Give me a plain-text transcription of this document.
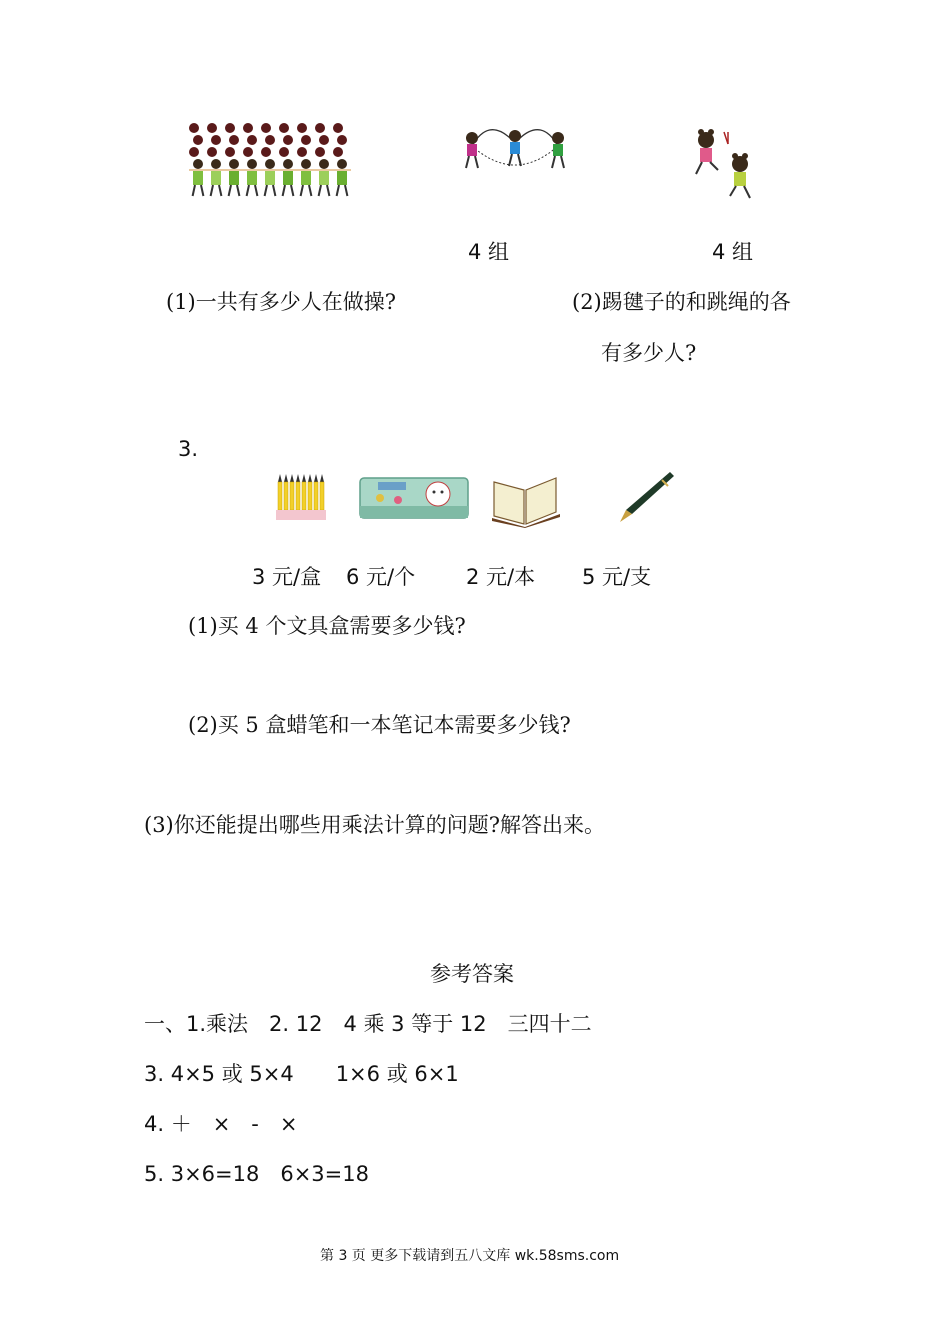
4 组	4 组
(1)一共有多少人在做操?	(2)踢毽子的和跳绳的各
有多少人?
3.
3 元/盒 6 元/个 2 元/本 5 元/支
(1)买 4 个文具盒需要多少钱?
(2)买 5 盒蜡笔和一本笔记本需要多少钱?
(3)你还能提出哪些用乘法计算的问题?解答出来。
参考答案
一、1.乘法　2. 12　4 乘 3 等于 12　三四十二
3. 4×5 或 5×4　　1×6 或 6×1
4. ＋　×　-　×
5. 3×6=18　6×3=18
第 3 页 更多下载请到五八文库 wk.58sms.com
